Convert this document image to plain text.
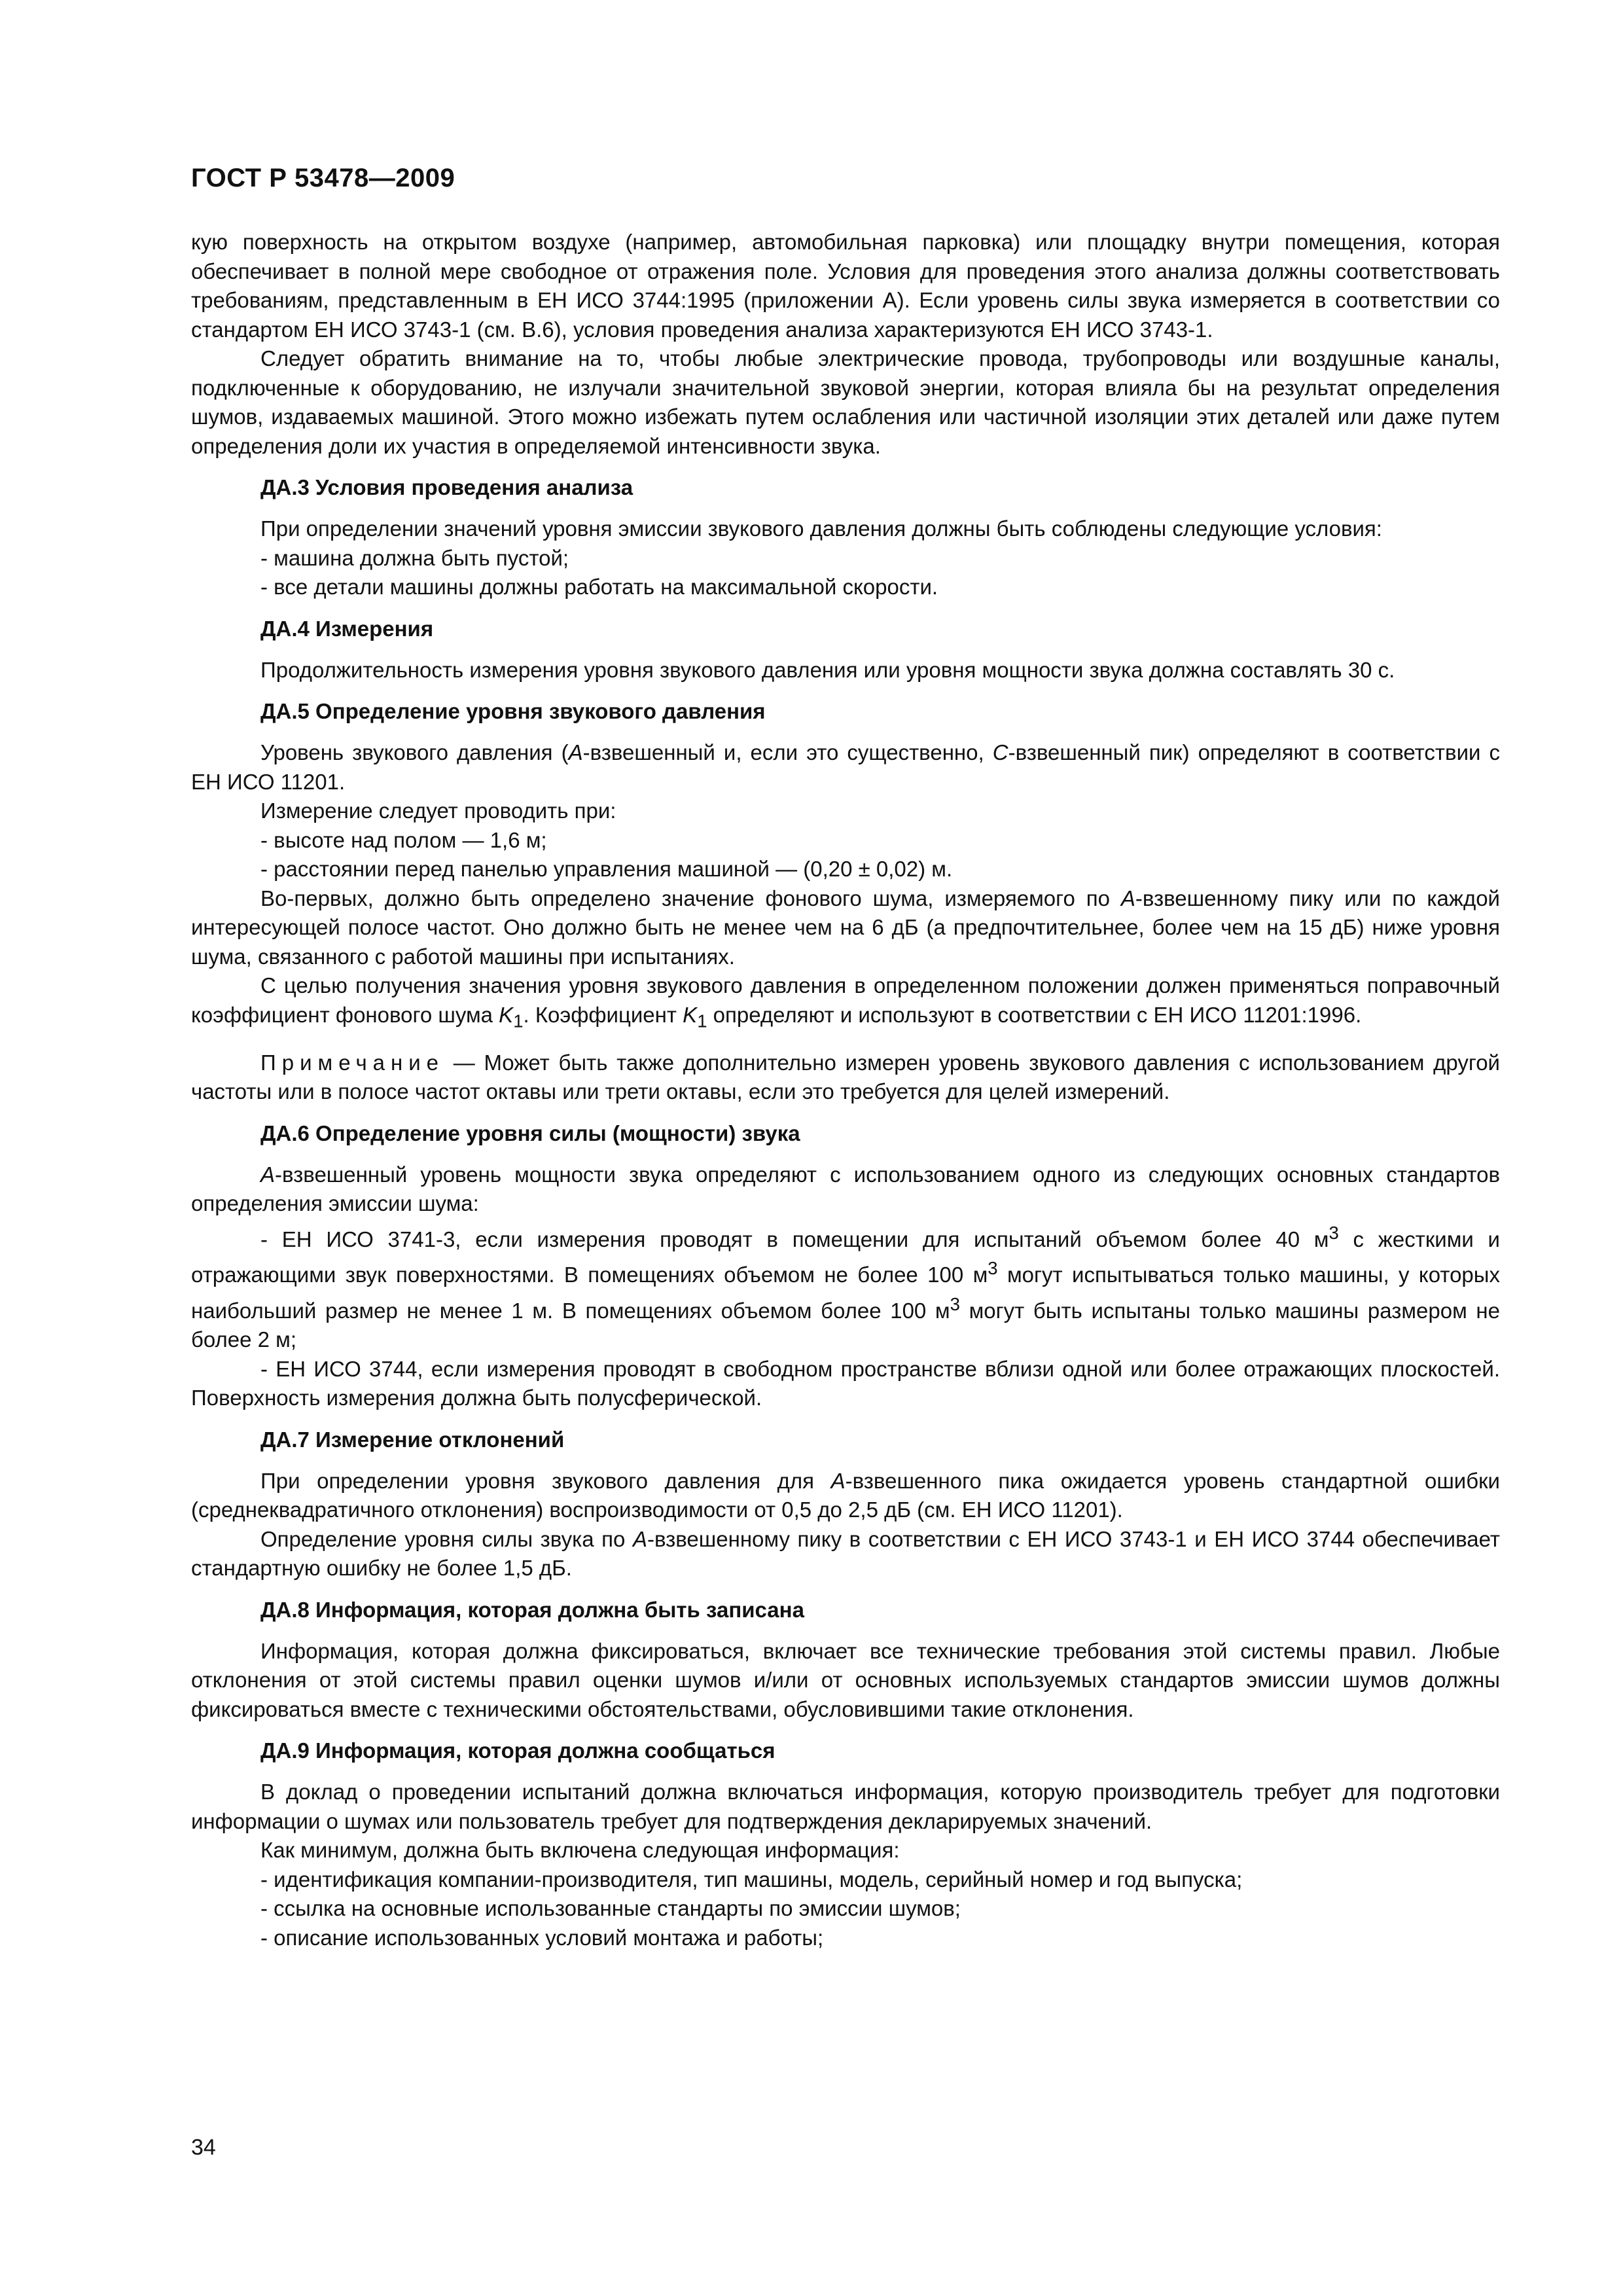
ГОСТ Р 53478—2009

кую поверхность на открытом воздухе (например, автомобильная парковка) или площадку внутри помещения, которая обеспечивает в полной мере свободное от отражения поле. Условия для проведения этого анализа должны соответствовать требованиям, представленным в ЕН ИСО 3744:1995 (приложении А). Если уровень силы звука измеряется в соответствии со стандартом ЕН ИСО 3743-1 (см. В.6), условия проведения анализа характеризуются ЕН ИСО 3743-1.

Следует обратить внимание на то, чтобы любые электрические провода, трубопроводы или воздушные каналы, подключенные к оборудованию, не излучали значительной звуковой энергии, которая влияла бы на результат определения шумов, издаваемых машиной. Этого можно избежать путем ослабления или частичной изоляции этих деталей или даже путем определения доли их участия в определяемой интенсивности звука.

ДА.3 Условия проведения анализа

При определении значений уровня эмиссии звукового давления должны быть соблюдены следующие условия:

- машина должна быть пустой;

- все детали машины должны работать на максимальной скорости.

ДА.4 Измерения

Продолжительность измерения уровня звукового давления или уровня мощности звука должна составлять 30 с.

ДА.5 Определение уровня звукового давления

Уровень звукового давления (А-взвешенный и, если это существенно, С-взвешенный пик) определяют в соответствии с ЕН ИСО 11201.

Измерение следует проводить при:

- высоте над полом — 1,6 м;

- расстоянии перед панелью управления машиной — (0,20 ± 0,02) м.

Во-первых, должно быть определено значение фонового шума, измеряемого по А-взвешенному пику или по каждой интересующей полосе частот. Оно должно быть не менее чем на 6 дБ (а предпочтительнее, более чем на 15 дБ) ниже уровня шума, связанного с работой машины при испытаниях.

С целью получения значения уровня звукового давления в определенном положении должен применяться поправочный коэффициент фонового шума $K_1$. Коэффициент $K_1$ определяют и используют в соответствии с ЕН ИСО 11201:1996.

Примечание — Может быть также дополнительно измерен уровень звукового давления с использованием другой частоты или в полосе частот октавы или трети октавы, если это требуется для целей измерений.

ДА.6 Определение уровня силы (мощности) звука

А-взвешенный уровень мощности звука определяют с использованием одного из следующих основных стандартов определения эмиссии шума:

- ЕН ИСО 3741-3, если измерения проводят в помещении для испытаний объемом более 40 $м^3$ с жесткими и отражающими звук поверхностями. В помещениях объемом не более 100 $м^3$ могут испытываться только машины, у которых наибольший размер не менее 1 м. В помещениях объемом более 100 $м^3$ могут быть испытаны только машины размером не более 2 м;

- ЕН ИСО 3744, если измерения проводят в свободном пространстве вблизи одной или более отражающих плоскостей. Поверхность измерения должна быть полусферической.

ДА.7 Измерение отклонений

При определении уровня звукового давления для А-взвешенного пика ожидается уровень стандартной ошибки (среднеквадратичного отклонения) воспроизводимости от 0,5 до 2,5 дБ (см. ЕН ИСО 11201).

Определение уровня силы звука по А-взвешенному пику в соответствии с ЕН ИСО 3743-1 и ЕН ИСО 3744 обеспечивает стандартную ошибку не более 1,5 дБ.

ДА.8 Информация, которая должна быть записана

Информация, которая должна фиксироваться, включает все технические требования этой системы правил. Любые отклонения от этой системы правил оценки шумов и/или от основных используемых стандартов эмиссии шумов должны фиксироваться вместе с техническими обстоятельствами, обусловившими такие отклонения.

ДА.9 Информация, которая должна сообщаться

В доклад о проведении испытаний должна включаться информация, которую производитель требует для подготовки информации о шумах или пользователь требует для подтверждения декларируемых значений.

Как минимум, должна быть включена следующая информация:

- идентификация компании-производителя, тип машины, модель, серийный номер и год выпуска;

- ссылка на основные использованные стандарты по эмиссии шумов;

- описание использованных условий монтажа и работы;

34
